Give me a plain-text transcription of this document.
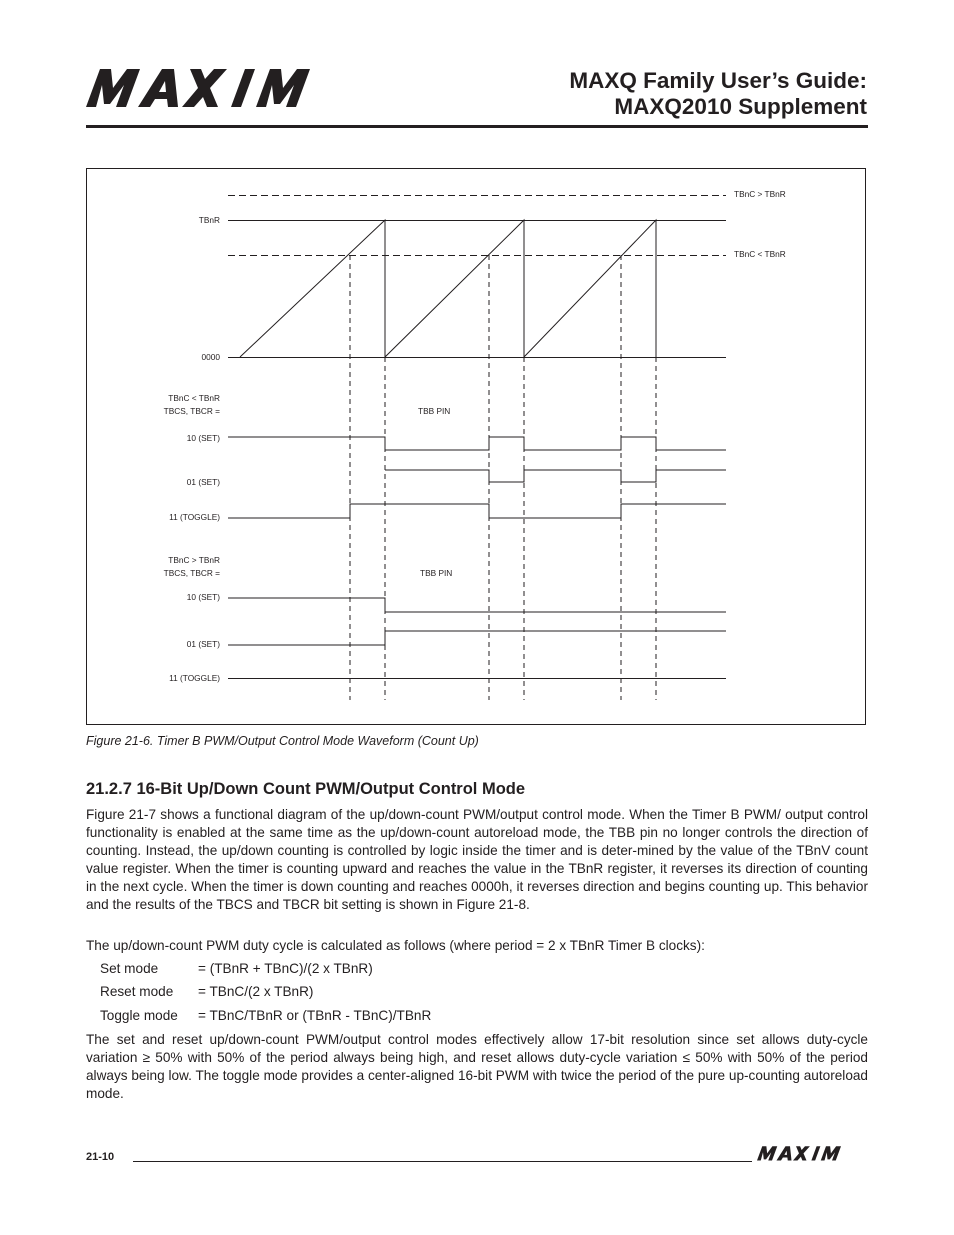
MAXIM
MAXQ Family User’s Guide:
MAXQ2010 Supplement
TBnC > TBnR
TBnC < TBnR
TBnR
0000
TBnC < TBnR
TBCS, TBCR =	TBB PIN
10 (SET)
01 (SET)
11 (TOGGLE)
TBnC > TBnR
TBCS, TBCR =	TBB PIN
10 (SET)
01 (SET)
11 (TOGGLE)
Figure 21-6. Timer B PWM/Output Control Mode Waveform (Count Up)
21.2.7 16-Bit Up/Down Count PWM/Output Control Mode
Figure 21-7 shows a functional diagram of the up/down-count PWM/output control mode. When the Timer B PWM/ output control functionality is enabled at the same time as the up/down-count autoreload mode, the TBB pin no longer controls the direction of counting. Instead, the up/down counting is controlled by logic inside the timer and is deter-mined by the value of the TBnV count value register. When the timer is counting upward and reaches the value in the TBnR register, it reverses its direction of counting in the next cycle. When the timer is down counting and reaches 0000h, it reverses direction and begins counting up. This behavior and the results of the TBCS and TBCR bit setting is shown in Figure 21-8.
The up/down-count PWM duty cycle is calculated as follows (where period = 2 x TBnR Timer B clocks):
Set mode	= (TBnR + TBnC)/(2 x TBnR)
Reset mode = TBnC/(2 x TBnR)
Toggle mode = TBnC/TBnR or (TBnR - TBnC)/TBnR
The set and reset up/down-count PWM/output control modes effectively allow 17-bit resolution since set allows duty-cycle variation ≥ 50% with 50% of the period always being high, and reset allows duty-cycle variation ≤ 50% with 50% of the period always being low. The toggle mode provides a center-aligned 16-bit PWM with twice the period of the pure up-counting autoreload mode.
21-10
